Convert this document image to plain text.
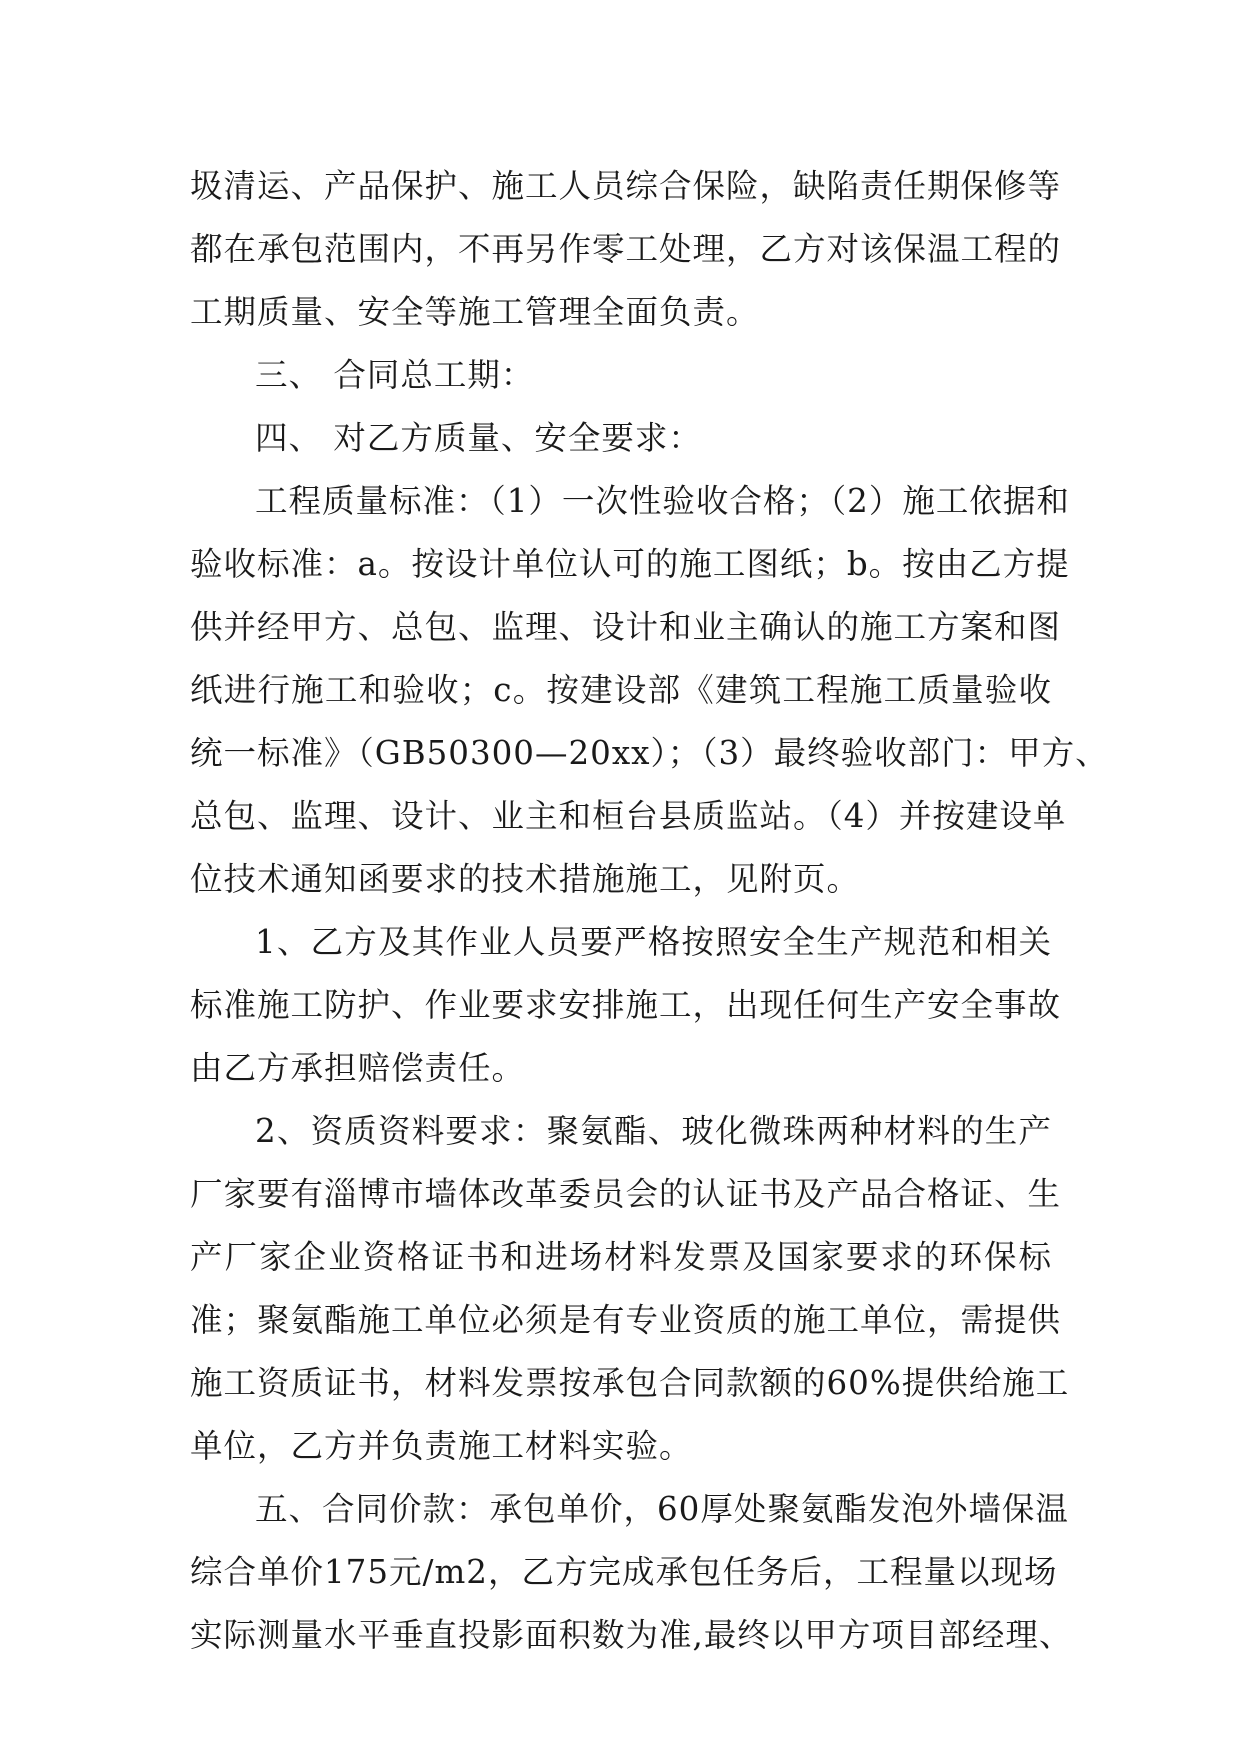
圾清运、产品保护、施工人员综合保险，缺陷责任期保修等
都在承包范围内，不再另作零工处理，乙方对该保温工程的
工期质量、安全等施工管理全面负责。
三、 合同总工期：
四、 对乙方质量、安全要求：
工程质量标准：（1）一次性验收合格；（2）施工依据和
验收标准：a。按设计单位认可的施工图纸；b。按由乙方提
供并经甲方、总包、监理、设计和业主确认的施工方案和图
纸进行施工和验收；c。按建设部《建筑工程施工质量验收
统一标准》（GB50300—20xx）；（3）最终验收部门：甲方、
总包、监理、设计、业主和桓台县质监站。（4）并按建设单
位技术通知函要求的技术措施施工，见附页。
1、乙方及其作业人员要严格按照安全生产规范和相关
标准施工防护、作业要求安排施工，出现任何生产安全事故
由乙方承担赔偿责任。
2、资质资料要求：聚氨酯、玻化微珠两种材料的生产
厂家要有淄博市墙体改革委员会的认证书及产品合格证、生
产厂家企业资格证书和进场材料发票及国家要求的环保标
准；聚氨酯施工单位必须是有专业资质的施工单位，需提供
施工资质证书，材料发票按承包合同款额的60%提供给施工
单位，乙方并负责施工材料实验。
五、合同价款：承包单价，60厚处聚氨酯发泡外墙保温
综合单价175元/m2，乙方完成承包任务后，工程量以现场
实际测量水平垂直投影面积数为准,最终以甲方项目部经理、
